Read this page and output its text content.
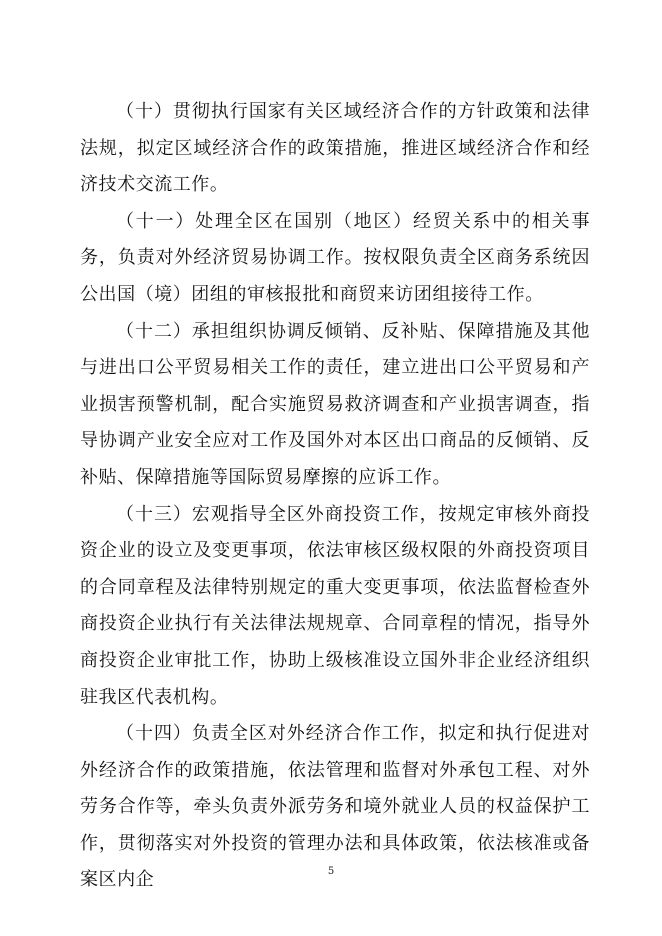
（十）贯彻执行国家有关区域经济合作的方针政策和法律法规，拟定区域经济合作的政策措施，推进区域经济合作和经济技术交流工作。

（十一）处理全区在国别（地区）经贸关系中的相关事务，负责对外经济贸易协调工作。按权限负责全区商务系统因公出国（境）团组的审核报批和商贸来访团组接待工作。

（十二）承担组织协调反倾销、反补贴、保障措施及其他与进出口公平贸易相关工作的责任，建立进出口公平贸易和产业损害预警机制，配合实施贸易救济调查和产业损害调查，指导协调产业安全应对工作及国外对本区出口商品的反倾销、反补贴、保障措施等国际贸易摩擦的应诉工作。

（十三）宏观指导全区外商投资工作，按规定审核外商投资企业的设立及变更事项，依法审核区级权限的外商投资项目的合同章程及法律特别规定的重大变更事项，依法监督检查外商投资企业执行有关法律法规规章、合同章程的情况，指导外商投资企业审批工作，协助上级核准设立国外非企业经济组织驻我区代表机构。

（十四）负责全区对外经济合作工作，拟定和执行促进对外经济合作的政策措施，依法管理和监督对外承包工程、对外劳务合作等，牵头负责外派劳务和境外就业人员的权益保护工作，贯彻落实对外投资的管理办法和具体政策，依法核准或备案区内企	5
